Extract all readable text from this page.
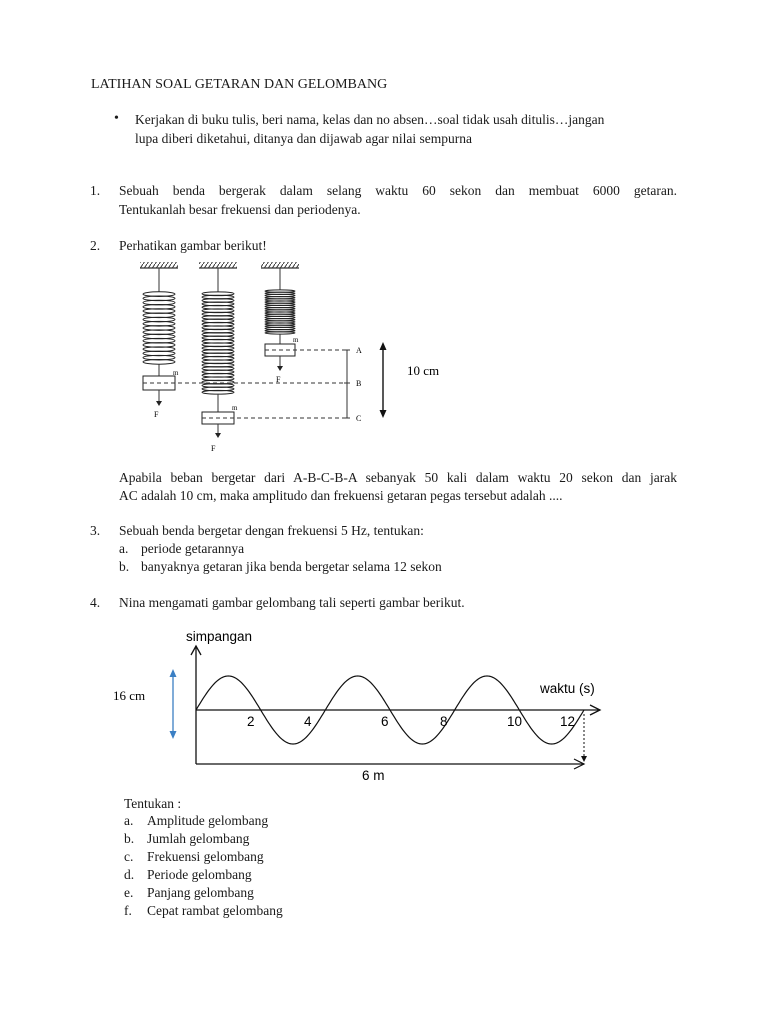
LATIHAN SOAL GETARAN DAN GELOMBANG
• Kerjakan di buku tulis, beri nama, kelas dan no absen…soal tidak usah ditulis…jangan
lupa diberi diketahui, ditanya dan dijawab agar nilai sempurna
1. Sebuah benda bergerak dalam selang waktu 60 sekon dan membuat 6000 getaran.
Tentukanlah besar frekuensi dan periodenya.
2. Perhatikan gambar berikut!
m
F
m
F
m
F
A
B
C
10 cm
Apabila beban bergetar dari A-B-C-B-A sebanyak 50 kali dalam waktu 20 sekon dan jarak
AC adalah 10 cm, maka amplitudo dan frekuensi getaran pegas tersebut adalah ....
3. Sebuah benda bergetar dengan frekuensi 5 Hz, tentukan:
a. periode getarannya
b. banyaknya getaran jika benda bergetar selama 12 sekon
4. Nina mengamati gambar gelombang tali seperti gambar berikut.
simpangan
waktu (s)
2	4	6	8	10	12
16 cm
6 m
Tentukan :
a. Amplitude gelombang
b. Jumlah gelombang
c. Frekuensi gelombang
d. Periode gelombang
e. Panjang gelombang
f. Cepat rambat gelombang
